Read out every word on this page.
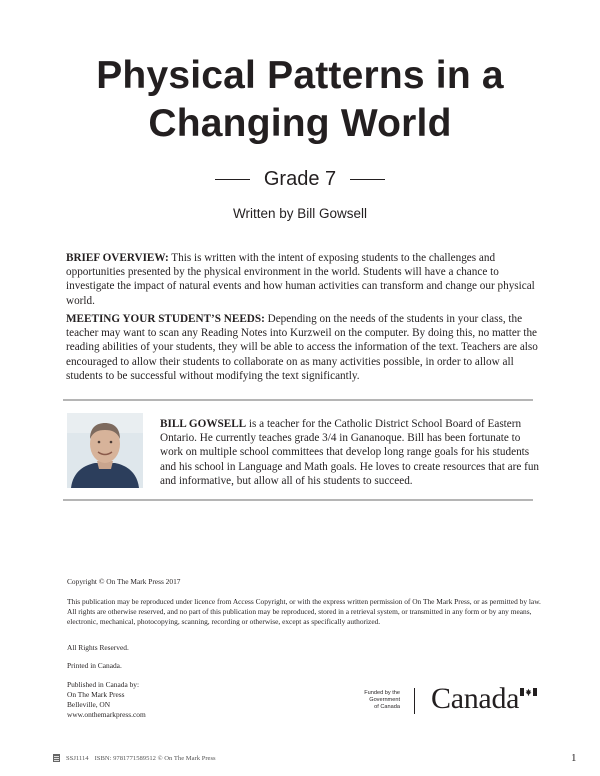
Physical Patterns in a
Changing World
Grade 7
Written by Bill Gowsell

BRIEF OVERVIEW: This is written with the intent of exposing students to the challenges and opportunities presented by the physical environment in the world. Students will have a chance to investigate the impact of natural events and how human activities can transform and change our physical world.

MEETING YOUR STUDENT’S NEEDS: Depending on the needs of the students in your class, the teacher may want to scan any Reading Notes into Kurzweil on the computer. By doing this, no matter the reading abilities of your students, they will be able to access the information of the text. Teachers are also encouraged to allow their students to collaborate on as many activities possible, in order to allow all students to be successful without modifying the text significantly.

BILL GOWSELL is a teacher for the Catholic District School Board of Eastern Ontario. He currently teaches grade 3/4 in Gananoque. Bill has been fortunate to work on multiple school committees that develop long range goals for his students and his school in Language and Math goals. He loves to create resources that are fun and informative, but allow all of his students to succeed.

Copyright © On The Mark Press 2017

This publication may be reproduced under licence from Access Copyright, or with the express written permission of On The Mark Press, or as permitted by law. All rights are otherwise reserved, and no part of this publication may be reproduced, stored in a retrieval system, or transmitted in any form or by any means, electronic, mechanical, photocopying, scanning, recording or otherwise, except as specifically authorized.

All Rights Reserved.

Printed in Canada.

Published in Canada by:
On The Mark Press
Belleville, ON
www.onthemarkpress.com
Funded by the
Government
of Canada Canada
SSJ1114 ISBN: 9781771589512 © On The Mark Press	1
